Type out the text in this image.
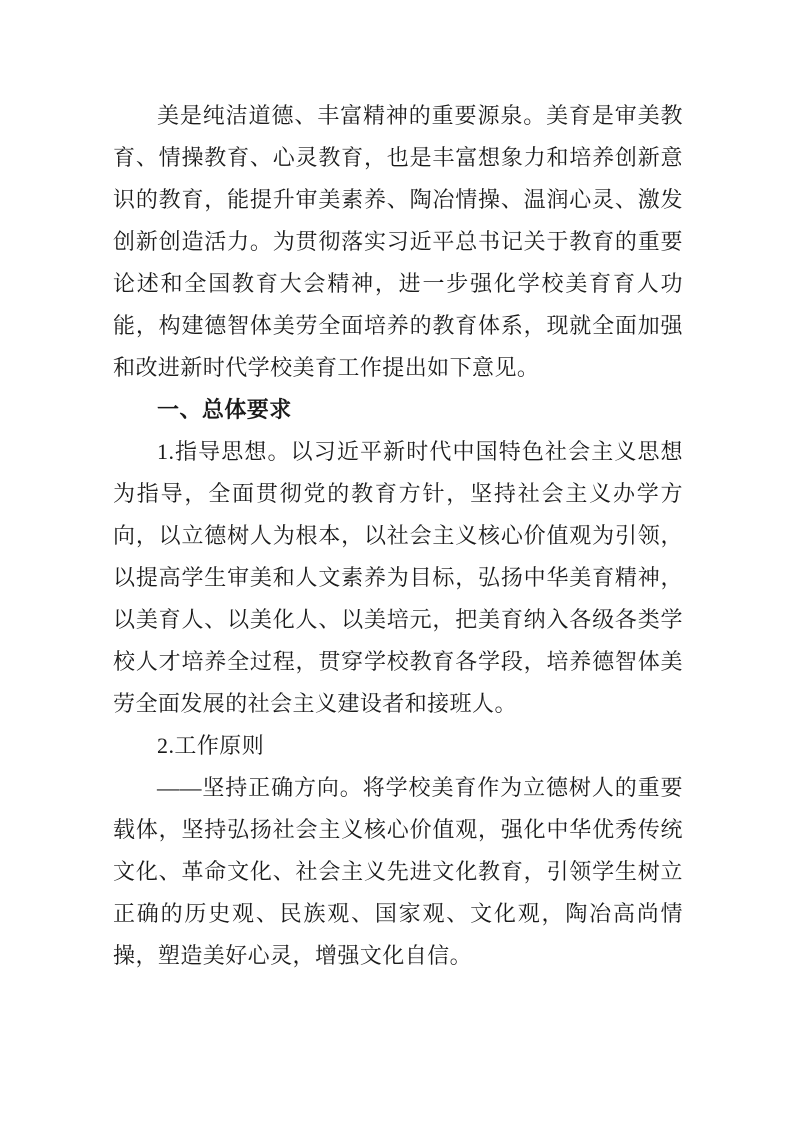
美是纯洁道德、丰富精神的重要源泉。美育是审美教育、情操教育、心灵教育，也是丰富想象力和培养创新意识的教育，能提升审美素养、陶冶情操、温润心灵、激发创新创造活力。为贯彻落实习近平总书记关于教育的重要论述和全国教育大会精神，进一步强化学校美育育人功能，构建德智体美劳全面培养的教育体系，现就全面加强和改进新时代学校美育工作提出如下意见。

一、总体要求

1.指导思想。以习近平新时代中国特色社会主义思想为指导，全面贯彻党的教育方针，坚持社会主义办学方向，以立德树人为根本，以社会主义核心价值观为引领，以提高学生审美和人文素养为目标，弘扬中华美育精神，以美育人、以美化人、以美培元，把美育纳入各级各类学校人才培养全过程，贯穿学校教育各学段，培养德智体美劳全面发展的社会主义建设者和接班人。

2.工作原则

——坚持正确方向。将学校美育作为立德树人的重要载体，坚持弘扬社会主义核心价值观，强化中华优秀传统文化、革命文化、社会主义先进文化教育，引领学生树立正确的历史观、民族观、国家观、文化观，陶冶高尚情操，塑造美好心灵，增强文化自信。
